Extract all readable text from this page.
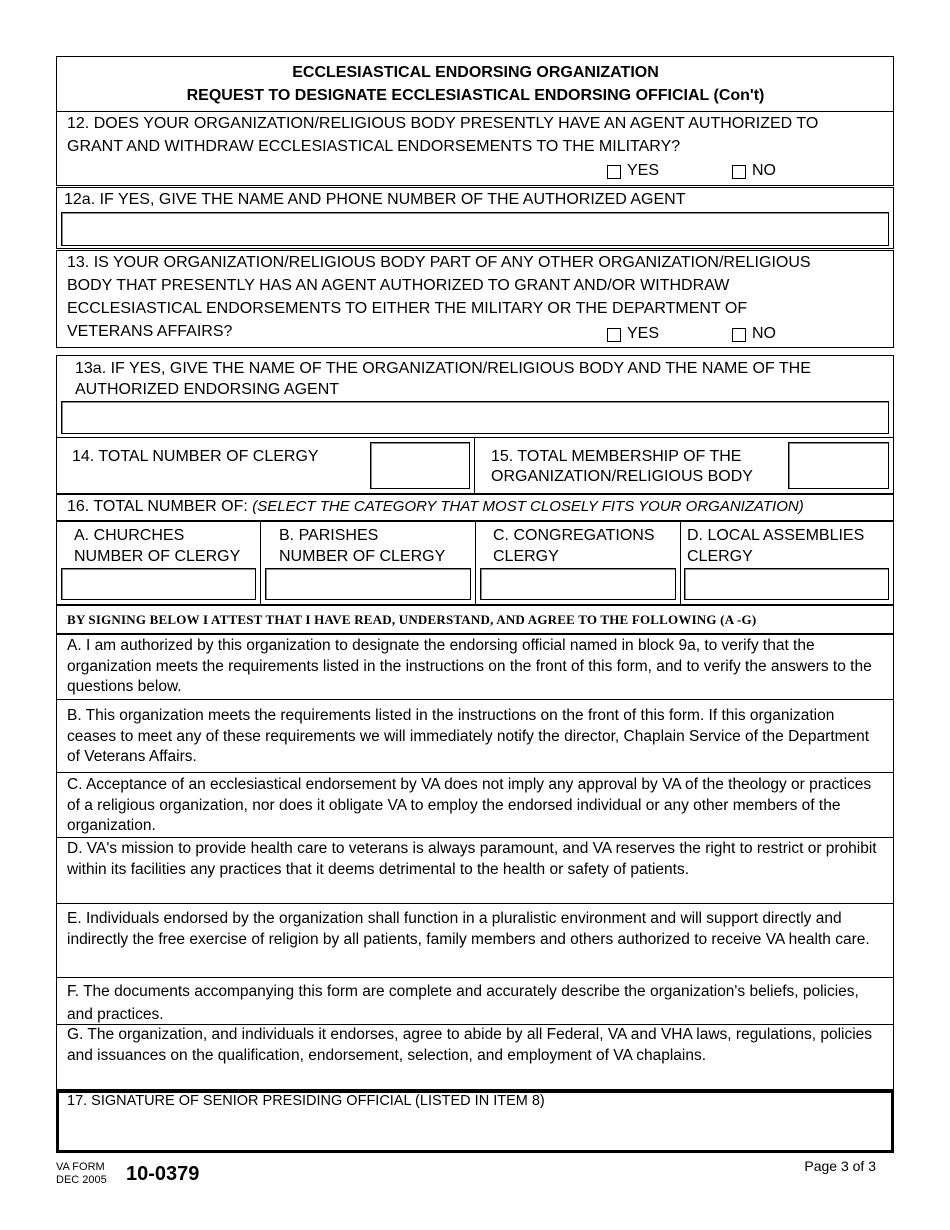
ECCLESIASTICAL ENDORSING ORGANIZATION
REQUEST TO DESIGNATE ECCLESIASTICAL ENDORSING OFFICIAL (Con't)
12. DOES YOUR ORGANIZATION/RELIGIOUS BODY PRESENTLY HAVE AN AGENT AUTHORIZED TO
GRANT AND WITHDRAW ECCLESIASTICAL ENDORSEMENTS TO THE MILITARY?
YES	NO
12a. IF YES, GIVE THE NAME AND PHONE NUMBER OF THE AUTHORIZED AGENT
13. IS YOUR ORGANIZATION/RELIGIOUS BODY PART OF ANY OTHER ORGANIZATION/RELIGIOUS
BODY THAT PRESENTLY HAS AN AGENT AUTHORIZED TO GRANT AND/OR WITHDRAW
ECCLESIASTICAL ENDORSEMENTS TO EITHER THE MILITARY OR THE DEPARTMENT OF
VETERANS AFFAIRS?	YES	NO
13a. IF YES, GIVE THE NAME OF THE ORGANIZATION/RELIGIOUS BODY AND THE NAME OF THE
AUTHORIZED ENDORSING AGENT
14. TOTAL NUMBER OF CLERGY	15. TOTAL MEMBERSHIP OF THE
ORGANIZATION/RELIGIOUS BODY
16. TOTAL NUMBER OF: (SELECT THE CATEGORY THAT MOST CLOSELY FITS YOUR ORGANIZATION)
A. CHURCHES
NUMBER OF CLERGY
B. PARISHES
NUMBER OF CLERGY
C. CONGREGATIONS
CLERGY
D. LOCAL ASSEMBLIES
CLERGY
BY SIGNING BELOW I ATTEST THAT I HAVE READ, UNDERSTAND, AND AGREE TO THE FOLLOWING (A -G)
A. I am authorized by this organization to designate the endorsing official named in block 9a, to verify that the organization meets the requirements listed in the instructions on the front of this form, and to verify the answers to the questions below.
B. This organization meets the requirements listed in the instructions on the front of this form. If this organization ceases to meet any of these requirements we will immediately notify the director, Chaplain Service of the Department of Veterans Affairs.
C. Acceptance of an ecclesiastical endorsement by VA does not imply any approval by VA of the theology or practices of a religious organization, nor does it obligate VA to employ the endorsed individual or any other members of the organization.
D. VA's mission to provide health care to veterans is always paramount, and VA reserves the right to restrict or prohibit within its facilities any practices that it deems detrimental to the health or safety of patients.
E. Individuals endorsed by the organization shall function in a pluralistic environment and will support directly and indirectly the free exercise of religion by all patients, family members and others authorized to receive VA health care.
F. The documents accompanying this form are complete and accurately describe the organization's beliefs, policies, and practices.
G. The organization, and individuals it endorses, agree to abide by all Federal, VA and VHA laws, regulations, policies and issuances on the qualification, endorsement, selection, and employment of VA chaplains.
17. SIGNATURE OF SENIOR PRESIDING OFFICIAL (LISTED IN ITEM 8)
VA FORM
DEC 2005 10-0379	Page 3 of 3
